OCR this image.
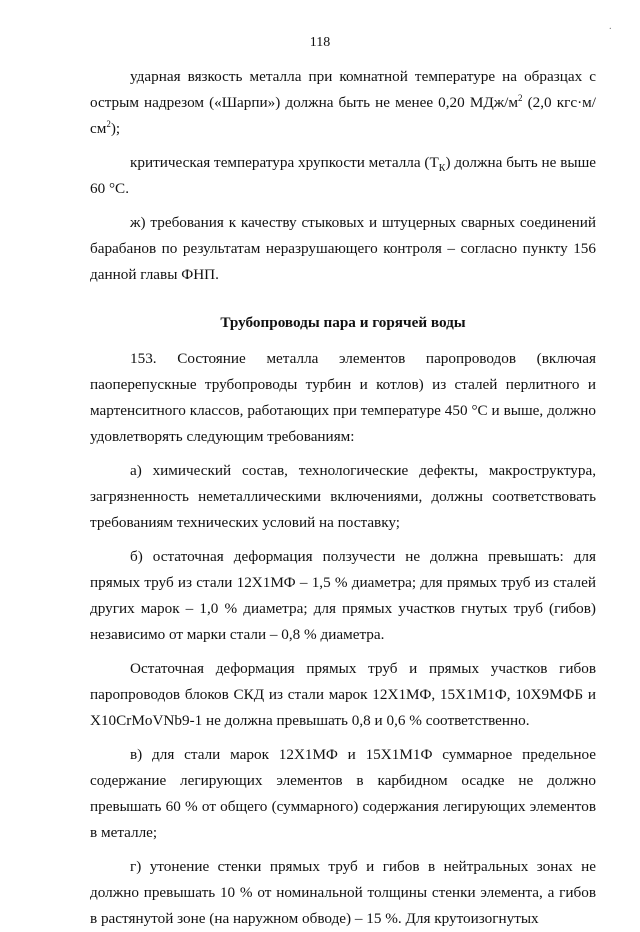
·
118

ударная вязкость металла при комнатной температуре на образцах с острым надрезом («Шарпи») должна быть не менее 0,20 МДж/$м^2$ (2,0 $кгс\cdot м/см^2$);

критическая температура хрупкости металла $(Т_К)$ должна быть не выше 60 °С.

ж) требования к качеству стыковых и штуцерных сварных соединений барабанов по результатам неразрушающего контроля – согласно пункту 156 данной главы ФНП.

Трубопроводы пара и горячей воды

153. Состояние металла элементов паропроводов (включая паоперепускные трубопроводы турбин и котлов) из сталей перлитного и мартенситного классов, работающих при температуре 450 °С и выше, должно удовлетворять следующим требованиям:

а) химический состав, технологические дефекты, макроструктура, загрязненность неметаллическими включениями, должны соответствовать требованиям технических условий на поставку;

б) остаточная деформация ползучести не должна превышать: для прямых труб из стали 12Х1МФ – 1,5 % диаметра; для прямых труб из сталей других марок – 1,0 % диаметра; для прямых участков гнутых труб (гибов) независимо от марки стали – 0,8 % диаметра.

Остаточная деформация прямых труб и прямых участков гибов паропроводов блоков СКД из стали марок 12Х1МФ, 15Х1М1Ф, 10Х9МФБ и Х10CrMoVNb9-1 не должна превышать 0,8 и 0,6 % соответственно.

в) для стали марок 12Х1МФ и 15Х1М1Ф суммарное предельное содержание легирующих элементов в карбидном осадке не должно превышать 60 % от общего (суммарного) содержания легирующих элементов в металле;

г) утонение стенки прямых труб и гибов в нейтральных зонах не должно превышать 10 % от номинальной толщины стенки элемента, а гибов в растянутой зоне (на наружном обводе) – 15 %. Для крутоизогнутых
